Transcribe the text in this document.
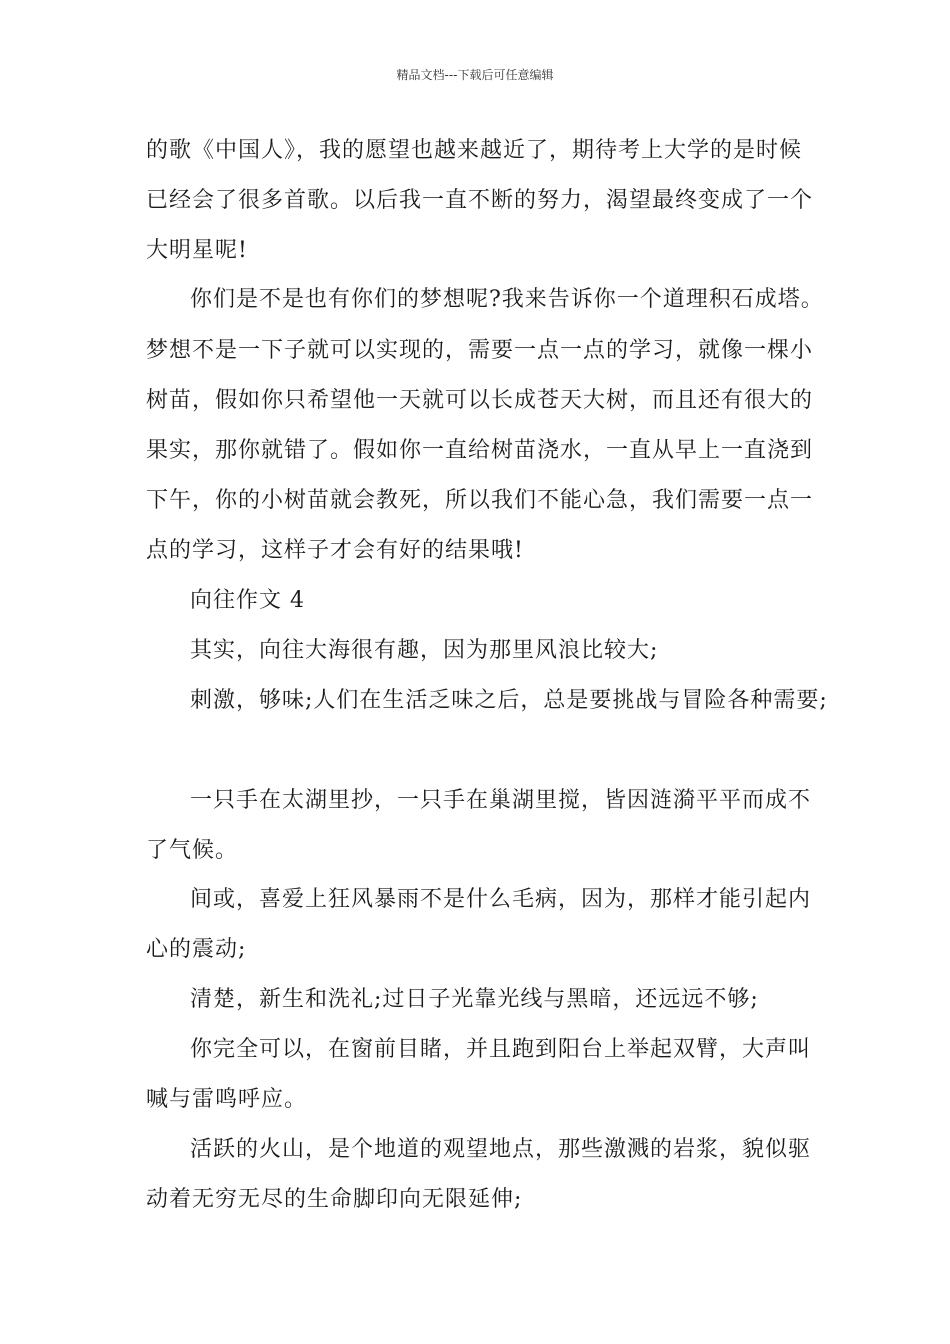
精品文档---下载后可任意编辑
的歌《中国人》，我的愿望也越来越近了，期待考上大学的是时候
已经会了很多首歌。以后我一直不断的努力，渴望最终变成了一个
大明星呢!
你们是不是也有你们的梦想呢?我来告诉你一个道理积石成塔。
梦想不是一下子就可以实现的，需要一点一点的学习，就像一棵小
树苗，假如你只希望他一天就可以长成苍天大树，而且还有很大的
果实，那你就错了。假如你一直给树苗浇水，一直从早上一直浇到
下午，你的小树苗就会教死，所以我们不能心急，我们需要一点一
点的学习，这样子才会有好的结果哦!
向往作文 4
其实，向往大海很有趣，因为那里风浪比较大;
刺激，够味;人们在生活乏味之后，总是要挑战与冒险各种需要;
一只手在太湖里抄，一只手在巢湖里搅，皆因涟漪平平而成不
了气候。
间或，喜爱上狂风暴雨不是什么毛病，因为，那样才能引起内
心的震动;
清楚，新生和洗礼;过日子光靠光线与黑暗，还远远不够;
你完全可以，在窗前目睹，并且跑到阳台上举起双臂，大声叫
喊与雷鸣呼应。
活跃的火山，是个地道的观望地点，那些激溅的岩浆，貌似驱
动着无穷无尽的生命脚印向无限延伸;
